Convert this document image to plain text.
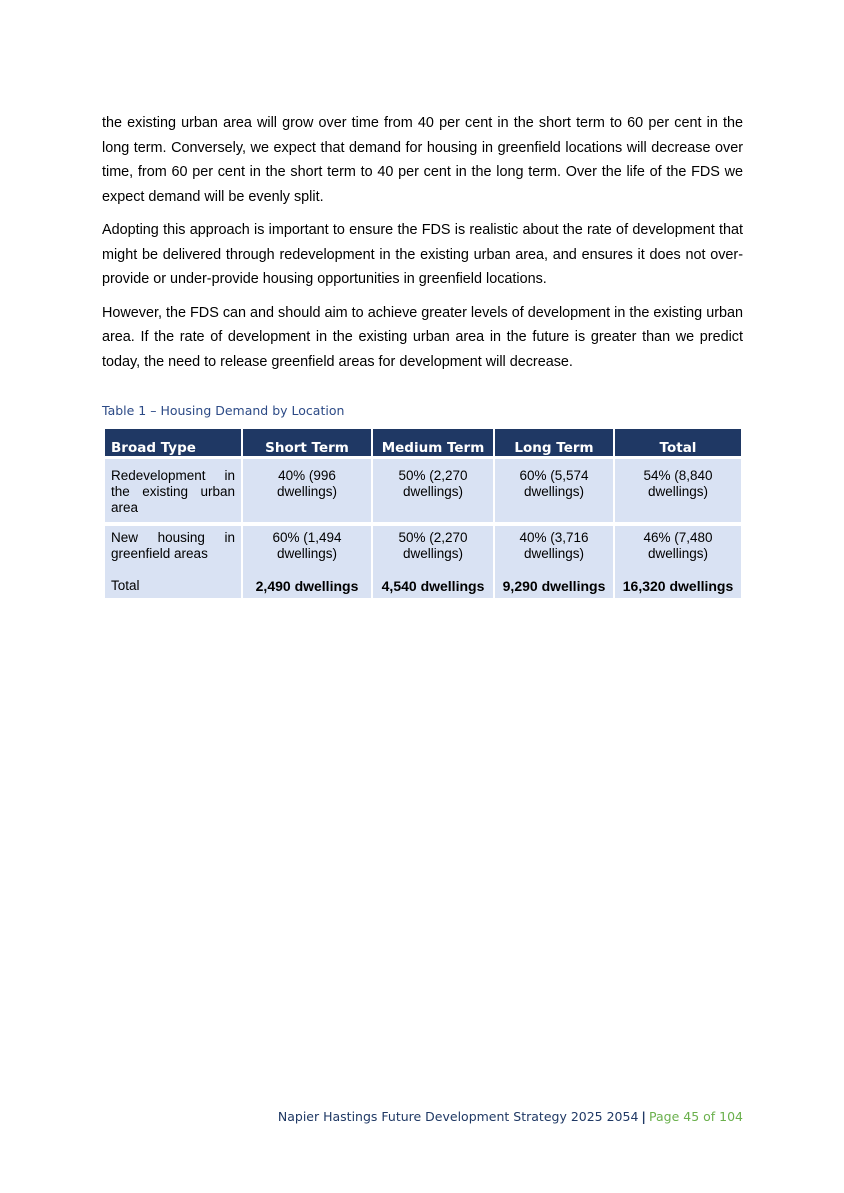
the existing urban area will grow over time from 40 per cent in the short term to 60 per cent in the long term. Conversely, we expect that demand for housing in greenfield locations will decrease over time, from 60 per cent in the short term to 40 per cent in the long term. Over the life of the FDS we expect demand will be evenly split.

Adopting this approach is important to ensure the FDS is realistic about the rate of development that might be delivered through redevelopment in the existing urban area, and ensures it does not over-provide or under-provide housing opportunities in greenfield locations.

However, the FDS can and should aim to achieve greater levels of development in the existing urban area. If the rate of development in the existing urban area in the future is greater than we predict today, the need to release greenfield areas for development will decrease.

Table 1 – Housing Demand by Location
Broad Type	Short Term	Medium Term	Long Term	Total
Redevelopment in the existing urban area	40% (996 dwellings)	50% (2,270 dwellings)	60% (5,574 dwellings)	54% (8,840 dwellings)

New housing in greenfield areas	60% (1,494 dwellings)	50% (2,270 dwellings)	40% (3,716 dwellings)	46% (7,480 dwellings)
Total	2,490 dwellings	4,540 dwellings	9,290 dwellings	16,320 dwellings
Napier Hastings Future Development Strategy 2025 2054 | Page 45 of 104
